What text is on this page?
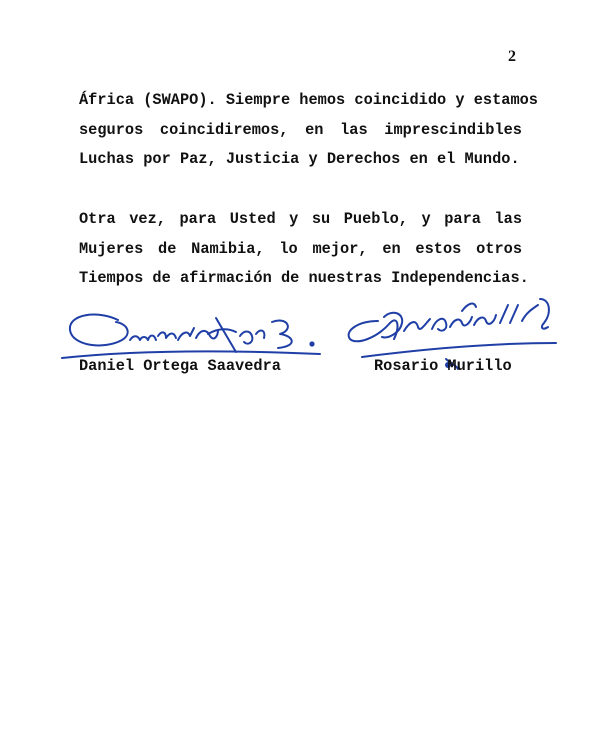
2
África (SWAPO). Siempre hemos coincidido y estamos
seguros coincidiremos, en las imprescindibles
Luchas por Paz, Justicia y Derechos en el Mundo.
Otra vez, para Usted y su Pueblo, y para las
Mujeres de Namibia, lo mejor, en estos otros
Tiempos de afirmación de nuestras Independencias.
Daniel Ortega Saavedra	Rosario Murillo
